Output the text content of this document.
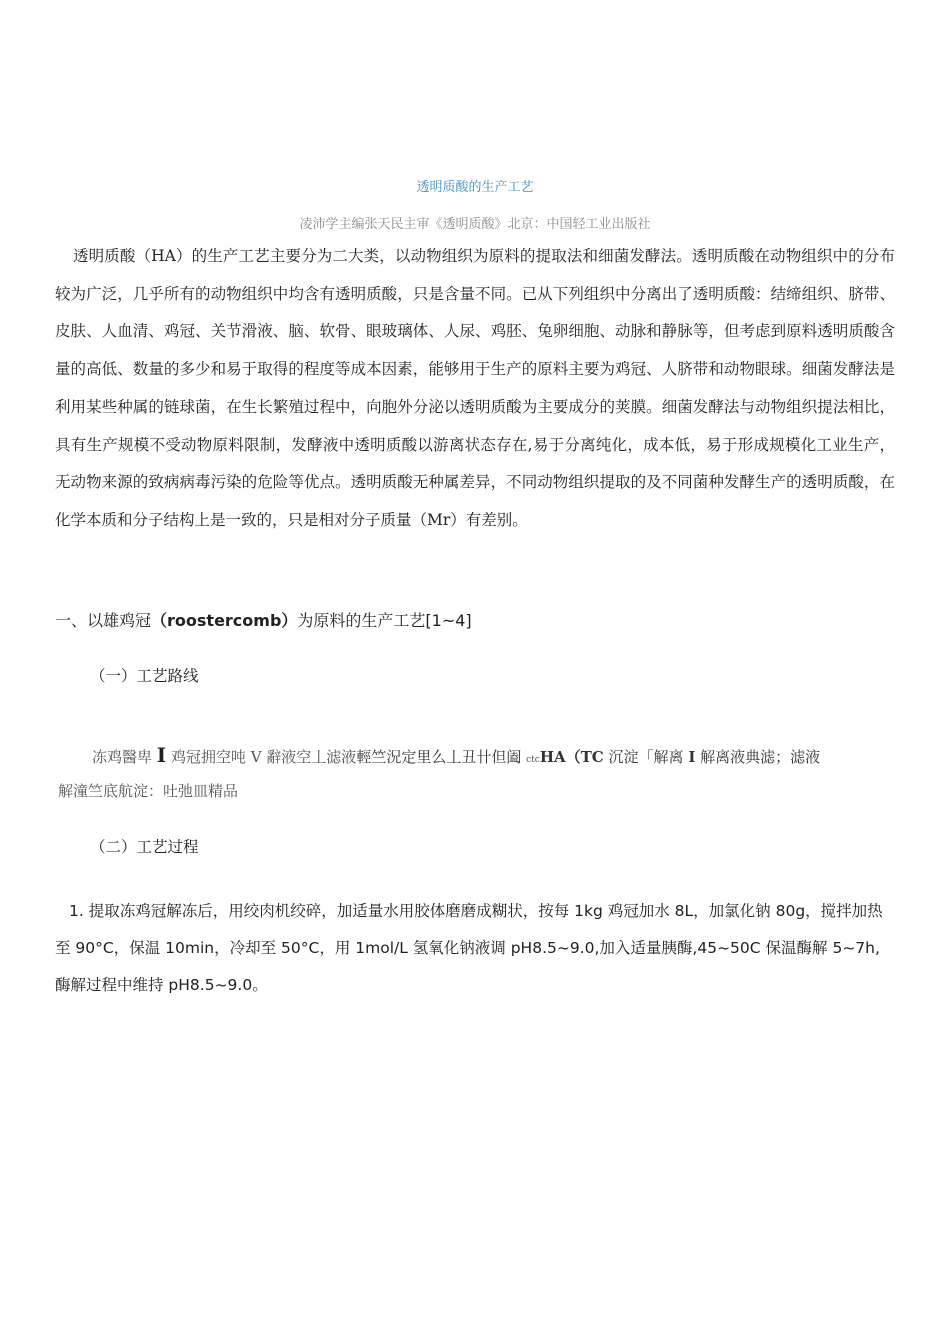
透明质酸的生产工艺
凌沛学主编张天民主审《透明质酸》北京：中国轻工业出版社

透明质酸（HA）的生产工艺主要分为二大类，以动物组织为原料的提取法和细菌发酵法。透明质酸在动物组织中的分布较为广泛，几乎所有的动物组织中均含有透明质酸，只是含量不同。已从下列组织中分离出了透明质酸：结缔组织、脐带、皮肤、人血清、鸡冠、关节滑液、脑、软骨、眼玻璃体、人尿、鸡胚、兔卵细胞、动脉和静脉等，但考虑到原料透明质酸含量的高低、数量的多少和易于取得的程度等成本因素，能够用于生产的原料主要为鸡冠、人脐带和动物眼球。细菌发酵法是利用某些种属的链球菌，在生长繁殖过程中，向胞外分泌以透明质酸为主要成分的荚膜。细菌发酵法与动物组织提法相比，具有生产规模不受动物原料限制，发酵液中透明质酸以游离状态存在,易于分离纯化，成本低，易于形成规模化工业生产，无动物来源的致病病毒污染的危险等优点。透明质酸无种属差异，不同动物组织提取的及不同菌种发酵生产的透明质酸，在化学本质和分子结构上是一致的，只是相对分子质量（Mr）有差别。

一、以雄鸡冠（roostercomb）为原料的生产工艺[1~4]
（一）工艺路线
冻鸡醫卑 I 鸡冠拥空吨 V 辭液空丄滤液輕竺況定里么丄丑卄但阖 ctcHA（TC 沉淀「解离 I 解离液典滤；滤液
解潼竺底航淀：吐弛皿精品
（二）工艺过程

1. 提取冻鸡冠解冻后，用绞肉机绞碎，加适量水用胶体磨磨成糊状，按每 1kg 鸡冠加水 8L，加氯化钠 80g，搅拌加热至 90°C，保温 10min，冷却至 50°C，用 1mol/L 氢氧化钠液调 pH8.5~9.0,加入适量胰酶,45~50C 保温酶解 5~7h, 酶解过程中维持 pH8.5~9.0。
